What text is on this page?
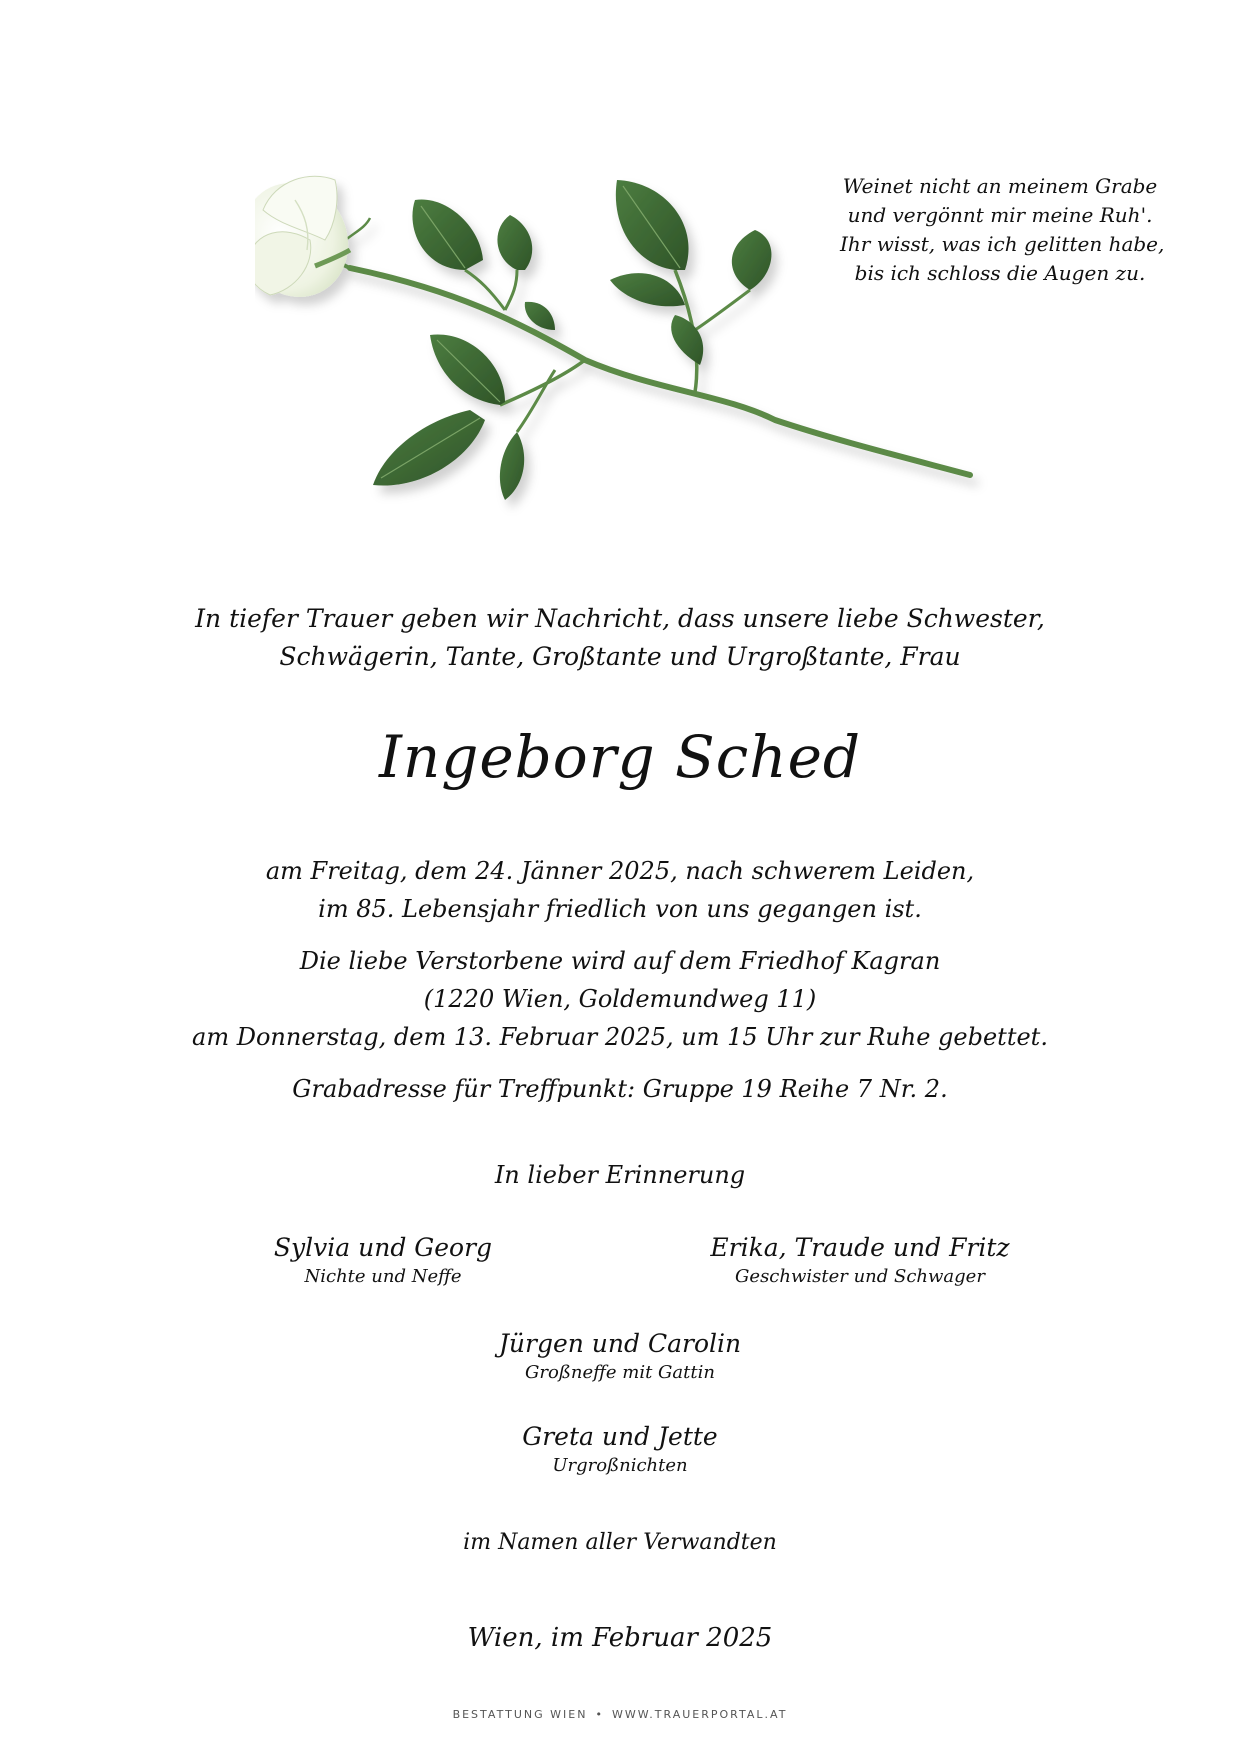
Weinet nicht an meinem Grabe
und vergönnt mir meine Ruh'.
Ihr wisst, was ich gelitten habe,
bis ich schloss die Augen zu.
In tiefer Trauer geben wir Nachricht, dass unsere liebe Schwester,
Schwägerin, Tante, Großtante und Urgroßtante, Frau
Ingeborg Sched
am Freitag, dem 24. Jänner 2025, nach schwerem Leiden,
im 85. Lebensjahr friedlich von uns gegangen ist.
Die liebe Verstorbene wird auf dem Friedhof Kagran
(1220 Wien, Goldemundweg 11)
am Donnerstag, dem 13. Februar 2025, um 15 Uhr zur Ruhe gebettet.
Grabadresse für Treffpunkt: Gruppe 19 Reihe 7 Nr. 2.
In lieber Erinnerung
Sylvia und Georg
Nichte und Neffe
Erika, Traude und Fritz
Geschwister und Schwager
Jürgen und Carolin
Großneffe mit Gattin
Greta und Jette
Urgroßnichten
im Namen aller Verwandten
Wien, im Februar 2025
BESTATTUNG WIEN • WWW.TRAUERPORTAL.AT
